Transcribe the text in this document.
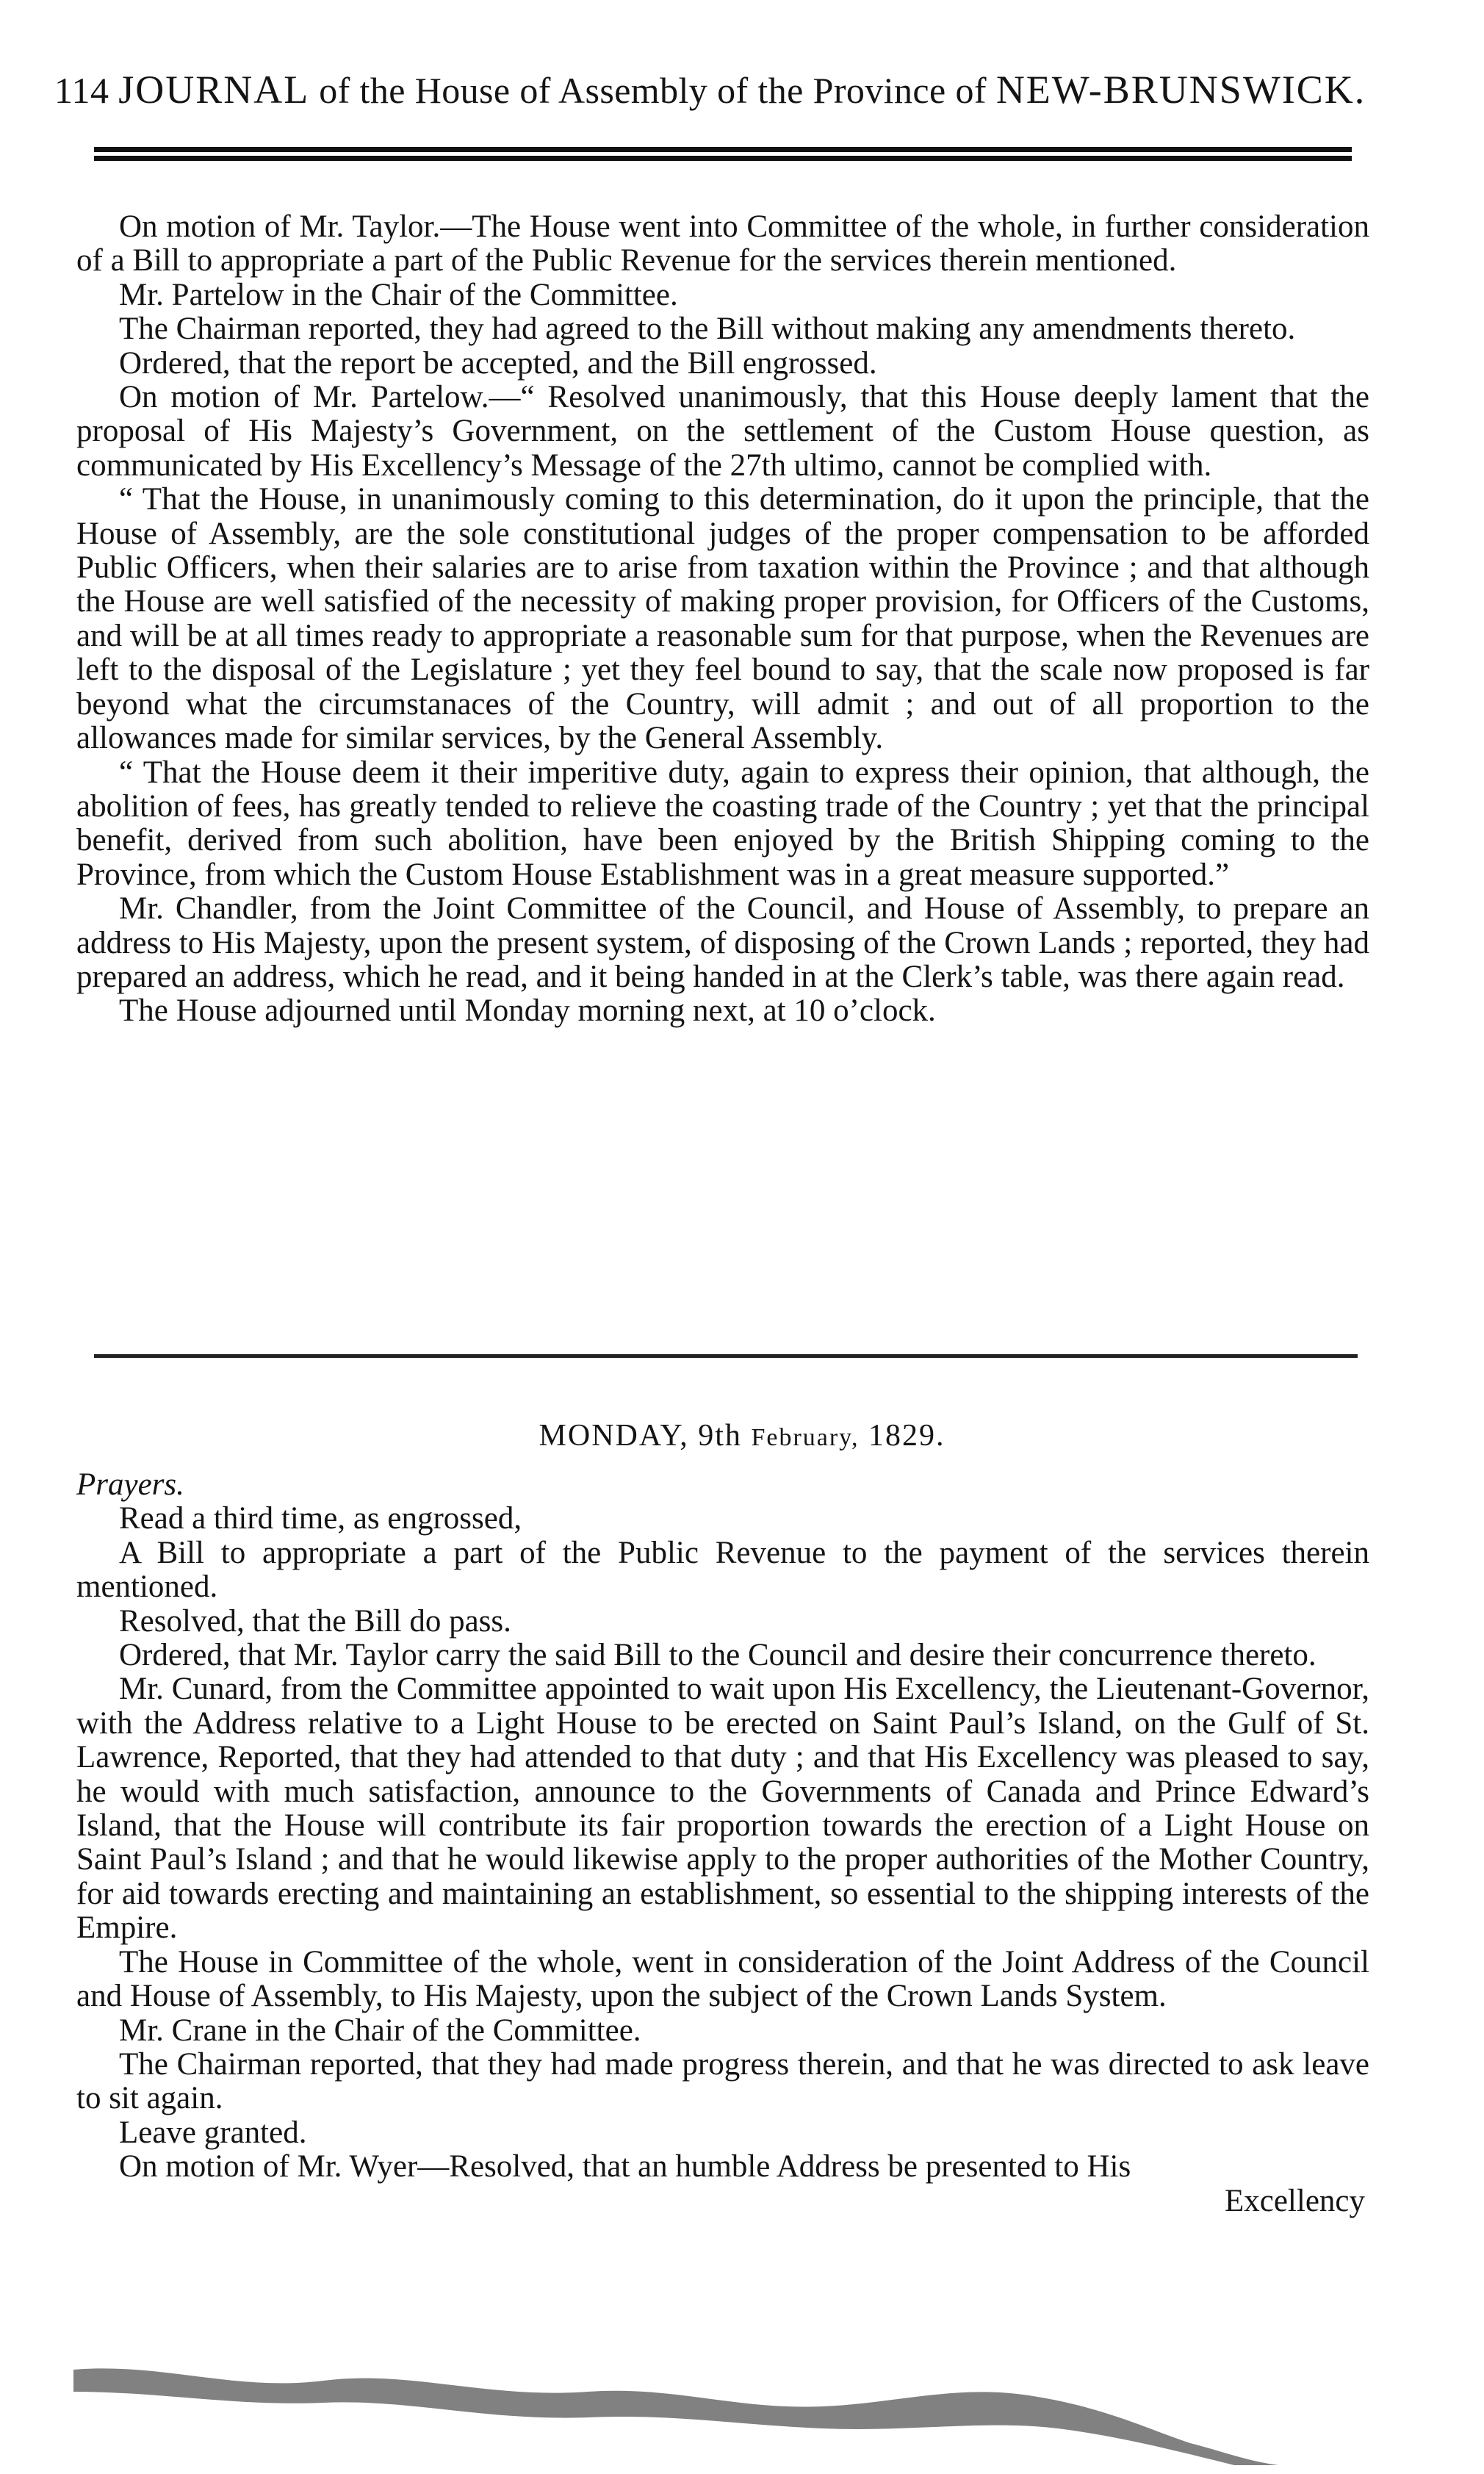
114 JOURNAL of the House of Assembly of the Province of NEW-BRUNSWICK.

On motion of Mr. Taylor.—The House went into Committee of the whole, in further consideration of a Bill to appropriate a part of the Public Revenue for the services therein mentioned.

Mr. Partelow in the Chair of the Committee.

The Chairman reported, they had agreed to the Bill without making any amendments thereto.

Ordered, that the report be accepted, and the Bill engrossed.

On motion of Mr. Partelow.—“ Resolved unanimously, that this House deeply lament that the proposal of His Majesty’s Government, on the settlement of the Custom House question, as communicated by His Excellency’s Message of the 27th ultimo, cannot be complied with.

“ That the House, in unanimously coming to this determination, do it upon the principle, that the House of Assembly, are the sole constitutional judges of the proper compensation to be afforded Public Officers, when their salaries are to arise from taxation within the Province ; and that although the House are well satisfied of the necessity of making proper provision, for Officers of the Customs, and will be at all times ready to appropriate a reasonable sum for that purpose, when the Revenues are left to the disposal of the Legislature ; yet they feel bound to say, that the scale now proposed is far beyond what the circumstanaces of the Country, will admit ; and out of all proportion to the allowances made for similar services, by the General Assembly.

“ That the House deem it their imperitive duty, again to express their opinion, that although, the abolition of fees, has greatly tended to relieve the coasting trade of the Country ; yet that the principal benefit, derived from such abolition, have been enjoyed by the British Shipping coming to the Province, from which the Custom House Establishment was in a great measure supported.”

Mr. Chandler, from the Joint Committee of the Council, and House of Assembly, to prepare an address to His Majesty, upon the present system, of disposing of the Crown Lands ; reported, they had prepared an address, which he read, and it being handed in at the Clerk’s table, was there again read.

The House adjourned until Monday morning next, at 10 o’clock.

MONDAY, 9th February, 1829.

Prayers.

Read a third time, as engrossed,

A Bill to appropriate a part of the Public Revenue to the payment of the services therein mentioned.

Resolved, that the Bill do pass.

Ordered, that Mr. Taylor carry the said Bill to the Council and desire their concurrence thereto.

Mr. Cunard, from the Committee appointed to wait upon His Excellency, the Lieutenant-Governor, with the Address relative to a Light House to be erected on Saint Paul’s Island, on the Gulf of St. Lawrence, Reported, that they had attended to that duty ; and that His Excellency was pleased to say, he would with much satisfaction, announce to the Governments of Canada and Prince Edward’s Island, that the House will contribute its fair proportion towards the erection of a Light House on Saint Paul’s Island ; and that he would likewise apply to the proper authorities of the Mother Country, for aid towards erecting and maintaining an establishment, so essential to the shipping interests of the Empire.

The House in Committee of the whole, went in consideration of the Joint Address of the Council and House of Assembly, to His Majesty, upon the subject of the Crown Lands System.

Mr. Crane in the Chair of the Committee.

The Chairman reported, that they had made progress therein, and that he was directed to ask leave to sit again.

Leave granted.

On motion of Mr. Wyer—Resolved, that an humble Address be presented to His

Excellency
